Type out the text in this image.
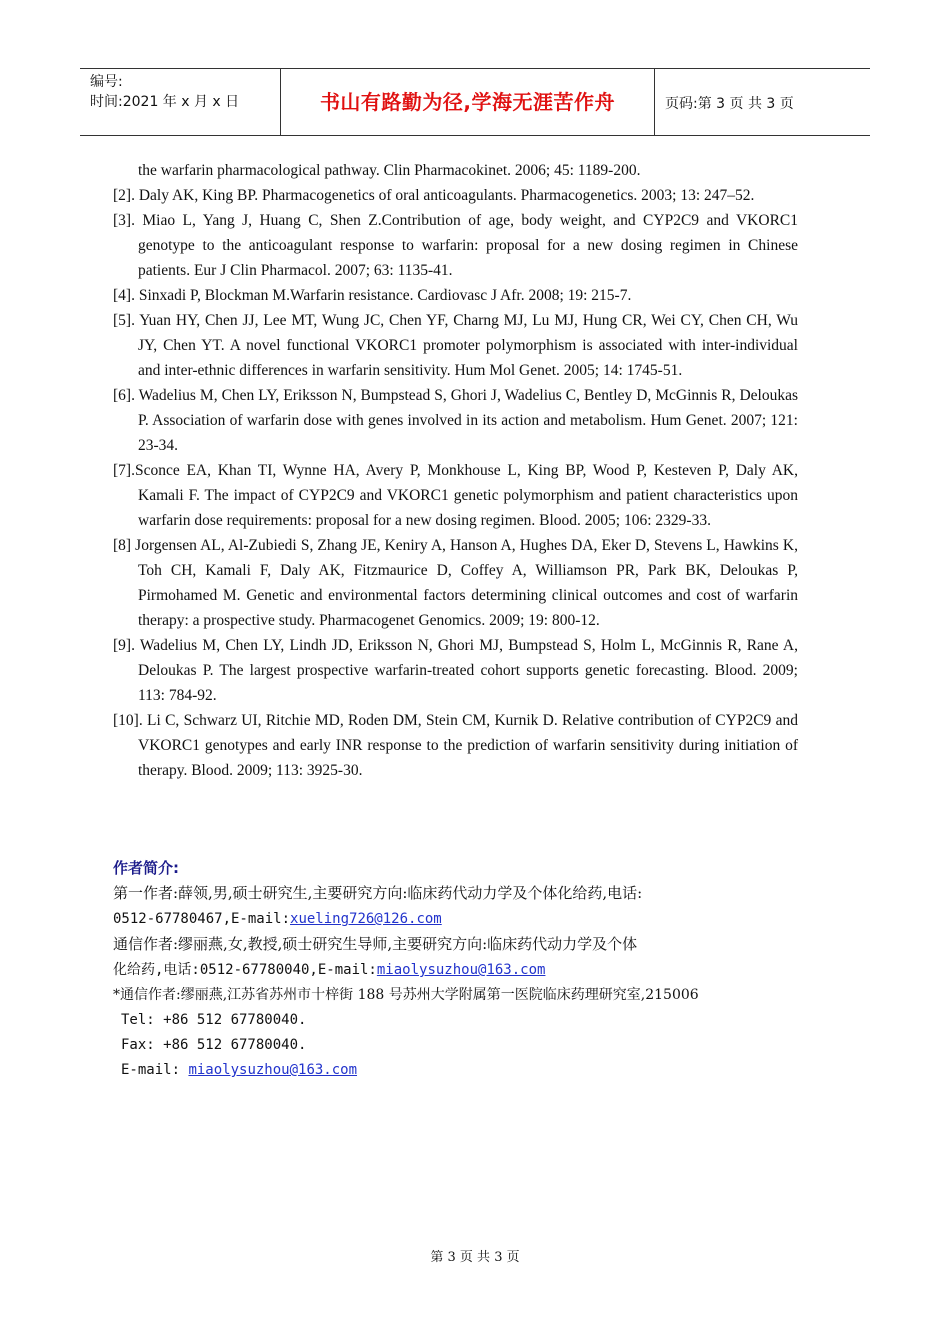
编号:
时间:2021 年 x 月 x 日	书山有路勤为径,学海无涯苦作舟	页码:第 3 页 共 3 页

the warfarin pharmacological pathway. Clin Pharmacokinet. 2006; 45: 1189-200.

[2]. Daly AK, King BP. Pharmacogenetics of oral anticoagulants. Pharmacogenetics. 2003; 13: 247–52.

[3]. Miao L, Yang J, Huang C, Shen Z.Contribution of age, body weight, and CYP2C9 and VKORC1 genotype to the anticoagulant response to warfarin: proposal for a new dosing regimen in Chinese patients. Eur J Clin Pharmacol. 2007; 63: 1135-41.

[4]. Sinxadi P, Blockman M.Warfarin resistance. Cardiovasc J Afr. 2008; 19: 215-7.

[5]. Yuan HY, Chen JJ, Lee MT, Wung JC, Chen YF, Charng MJ, Lu MJ, Hung CR, Wei CY, Chen CH, Wu JY, Chen YT. A novel functional VKORC1 promoter polymorphism is associated with inter-individual and inter-ethnic differences in warfarin sensitivity. Hum Mol Genet. 2005; 14: 1745-51.

[6]. Wadelius M, Chen LY, Eriksson N, Bumpstead S, Ghori J, Wadelius C, Bentley D, McGinnis R, Deloukas P. Association of warfarin dose with genes involved in its action and metabolism. Hum Genet. 2007; 121: 23-34.

[7].Sconce EA, Khan TI, Wynne HA, Avery P, Monkhouse L, King BP, Wood P, Kesteven P, Daly AK, Kamali F. The impact of CYP2C9 and VKORC1 genetic polymorphism and patient characteristics upon warfarin dose requirements: proposal for a new dosing regimen. Blood. 2005; 106: 2329-33.

[8] Jorgensen AL, Al-Zubiedi S, Zhang JE, Keniry A, Hanson A, Hughes DA, Eker D, Stevens L, Hawkins K, Toh CH, Kamali F, Daly AK, Fitzmaurice D, Coffey A, Williamson PR, Park BK, Deloukas P, Pirmohamed M. Genetic and environmental factors determining clinical outcomes and cost of warfarin therapy: a prospective study. Pharmacogenet Genomics. 2009; 19: 800-12.

[9]. Wadelius M, Chen LY, Lindh JD, Eriksson N, Ghori MJ, Bumpstead S, Holm L, McGinnis R, Rane A, Deloukas P. The largest prospective warfarin-treated cohort supports genetic forecasting. Blood. 2009; 113: 784-92.

[10]. Li C, Schwarz UI, Ritchie MD, Roden DM, Stein CM, Kurnik D. Relative contribution of CYP2C9 and VKORC1 genotypes and early INR response to the prediction of warfarin sensitivity during initiation of therapy. Blood. 2009; 113: 3925-30.

作者简介:
第一作者:薛领,男,硕士研究生,主要研究方向:临床药代动力学及个体化给药,电话:
0512-67780467,E-mail:xueling726@126.com
通信作者:缪丽燕,女,教授,硕士研究生导师,主要研究方向:临床药代动力学及个体
化给药,电话:0512-67780040,E-mail:miaolysuzhou@163.com
*通信作者:缪丽燕,江苏省苏州市十梓街 188 号苏州大学附属第一医院临床药理研究室,215006
Tel: +86 512 67780040.
Fax: +86 512 67780040.
E-mail: miaolysuzhou@163.com
第 3 页 共 3 页
